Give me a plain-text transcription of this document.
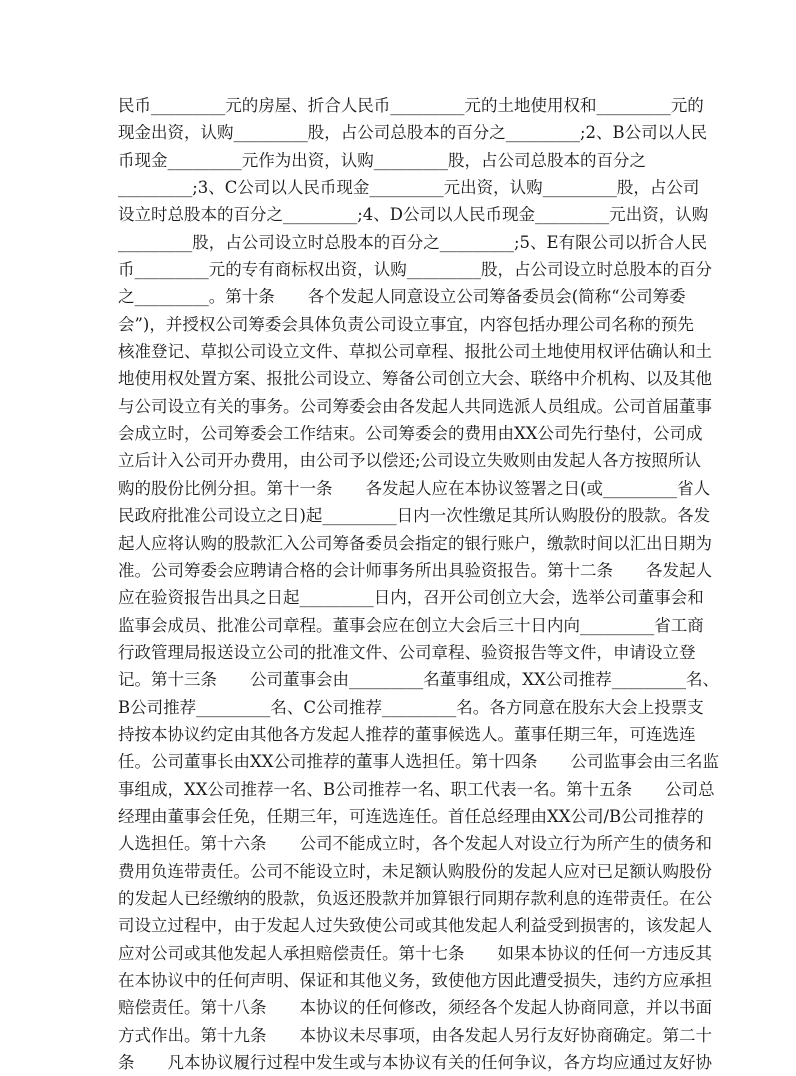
民币_________元的房屋、折合人民币_________元的土地使用权和_________元的
现金出资，认购_________股，占公司总股本的百分之_________;2、B公司以人民
币现金_________元作为出资，认购_________股，占公司总股本的百分之
_________;3、C公司以人民币现金_________元出资，认购_________股，占公司
设立时总股本的百分之_________;4、D公司以人民币现金_________元出资，认购
_________股，占公司设立时总股本的百分之_________;5、E有限公司以折合人民
币_________元的专有商标权出资，认购_________股，占公司设立时总股本的百分
之_________。第十条　　各个发起人同意设立公司筹备委员会(简称“公司筹委
会”)，并授权公司筹委会具体负责公司设立事宜，内容包括办理公司名称的预先
核准登记、草拟公司设立文件、草拟公司章程、报批公司土地使用权评估确认和土
地使用权处置方案、报批公司设立、筹备公司创立大会、联络中介机构、以及其他
与公司设立有关的事务。公司筹委会由各发起人共同选派人员组成。公司首届董事
会成立时，公司筹委会工作结束。公司筹委会的费用由XX公司先行垫付，公司成
立后计入公司开办费用，由公司予以偿还;公司设立失败则由发起人各方按照所认
购的股份比例分担。第十一条　　各发起人应在本协议签署之日(或_________省人
民政府批准公司设立之日)起_________日内一次性缴足其所认购股份的股款。各发
起人应将认购的股款汇入公司筹备委员会指定的银行账户，缴款时间以汇出日期为
准。公司筹委会应聘请合格的会计师事务所出具验资报告。第十二条　　各发起人
应在验资报告出具之日起_________日内，召开公司创立大会，选举公司董事会和
监事会成员、批准公司章程。董事会应在创立大会后三十日内向_________省工商
行政管理局报送设立公司的批准文件、公司章程、验资报告等文件，申请设立登
记。第十三条　　公司董事会由_________名董事组成，XX公司推荐_________名、
B公司推荐_________名、C公司推荐_________名。各方同意在股东大会上投票支
持按本协议约定由其他各方发起人推荐的董事候选人。董事任期三年，可连选连
任。公司董事长由XX公司推荐的董事人选担任。第十四条　　公司监事会由三名监
事组成，XX公司推荐一名、B公司推荐一名、职工代表一名。第十五条　　公司总
经理由董事会任免，任期三年，可连选连任。首任总经理由XX公司/B公司推荐的
人选担任。第十六条　　公司不能成立时，各个发起人对设立行为所产生的债务和
费用负连带责任。公司不能设立时，未足额认购股份的发起人应对已足额认购股份
的发起人已经缴纳的股款，负返还股款并加算银行同期存款利息的连带责任。在公
司设立过程中，由于发起人过失致使公司或其他发起人利益受到损害的，该发起人
应对公司或其他发起人承担赔偿责任。第十七条　　如果本协议的任何一方违反其
在本协议中的任何声明、保证和其他义务，致使他方因此遭受损失，违约方应承担
赔偿责任。第十八条　　本协议的任何修改，须经各个发起人协商同意，并以书面
方式作出。第十九条　　本协议未尽事项，由各发起人另行友好协商确定。第二十
条　　凡本协议履行过程中发生或与本协议有关的任何争议，各方均应通过友好协
